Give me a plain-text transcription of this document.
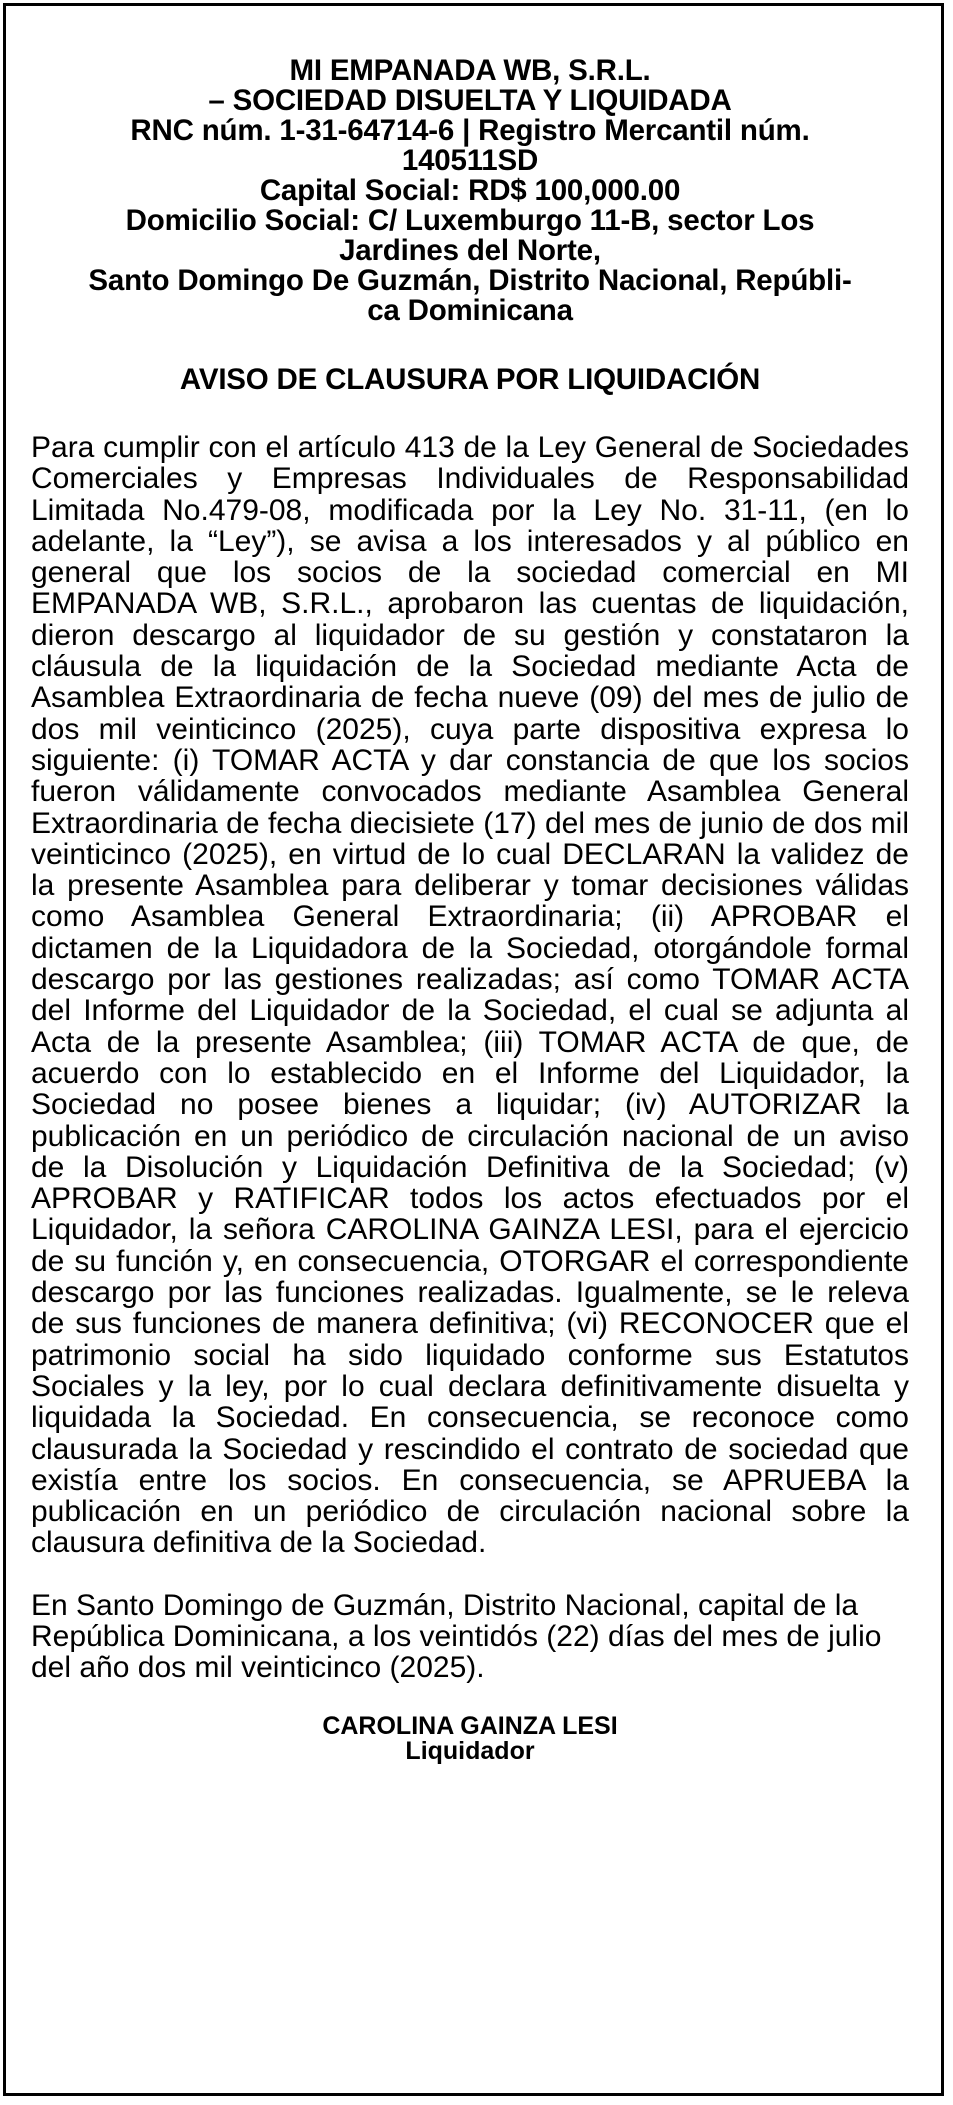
MI EMPANADA WB, S.R.L.
– SOCIEDAD DISUELTA Y LIQUIDADA
RNC núm. 1-31-64714-6 | Registro Mercantil núm.
140511SD
Capital Social: RD$ 100,000.00
Domicilio Social: C/ Luxemburgo 11-B, sector Los
Jardines del Norte,
Santo Domingo De Guzmán, Distrito Nacional, Repúbli-
ca Dominicana
AVISO DE CLAUSURA POR LIQUIDACIÓN
Para cumplir con el artículo 413 de la Ley General de Sociedades Comerciales y Empresas Individuales de Responsabilidad Limitada No.479-08, modificada por la Ley No. 31-11, (en lo adelante, la “Ley”), se avisa a los interesados y al público en general que los socios de la sociedad comercial en MI EMPANADA WB, S.R.L., aprobaron las cuentas de liquidación, dieron descargo al liquidador de su gestión y constataron la cláusula de la liquidación de la Sociedad mediante Acta de Asamblea Extraordinaria de fecha nueve (09) del mes de julio de dos mil veinticinco (2025), cuya parte dispositiva expresa lo siguiente: (i) TOMAR ACTA y dar constancia de que los socios fueron válidamente convocados mediante Asamblea General Extraordinaria de fecha diecisiete (17) del mes de junio de dos mil veinticinco (2025), en virtud de lo cual DECLARAN la validez de la presente Asamblea para deliberar y tomar decisiones válidas como Asamblea General Extraordinaria; (ii) APROBAR el dictamen de la Liquidadora de la Sociedad, otorgándole formal descargo por las gestiones realizadas; así como TOMAR ACTA del Informe del Liquidador de la Sociedad, el cual se adjunta al Acta de la presente Asamblea; (iii) TOMAR ACTA de que, de acuerdo con lo establecido en el Informe del Liquidador, la Sociedad no posee bienes a liquidar; (iv) AUTORIZAR la publicación en un periódico de circulación nacional de un aviso de la Disolución y Liquidación Definitiva de la Sociedad; (v) APROBAR y RATIFICAR todos los actos efectuados por el Liquidador, la señora CAROLINA GAINZA LESI, para el ejercicio de su función y, en consecuencia, OTORGAR el correspondiente descargo por las funciones realizadas. Igualmente, se le releva de sus funciones de manera definitiva; (vi) RECONOCER que el patrimonio social ha sido liquidado conforme sus Estatutos Sociales y la ley, por lo cual declara definitivamente disuelta y liquidada la Sociedad. En consecuencia, se reconoce como clausurada la Sociedad y rescindido el contrato de sociedad que existía entre los socios. En consecuencia, se APRUEBA la publicación en un periódico de circulación nacional sobre la clausura definitiva de la Sociedad.
En Santo Domingo de Guzmán, Distrito Nacional, capital de la República Dominicana, a los veintidós (22) días del mes de julio del año dos mil veinticinco (2025).
CAROLINA GAINZA LESI
Liquidador
